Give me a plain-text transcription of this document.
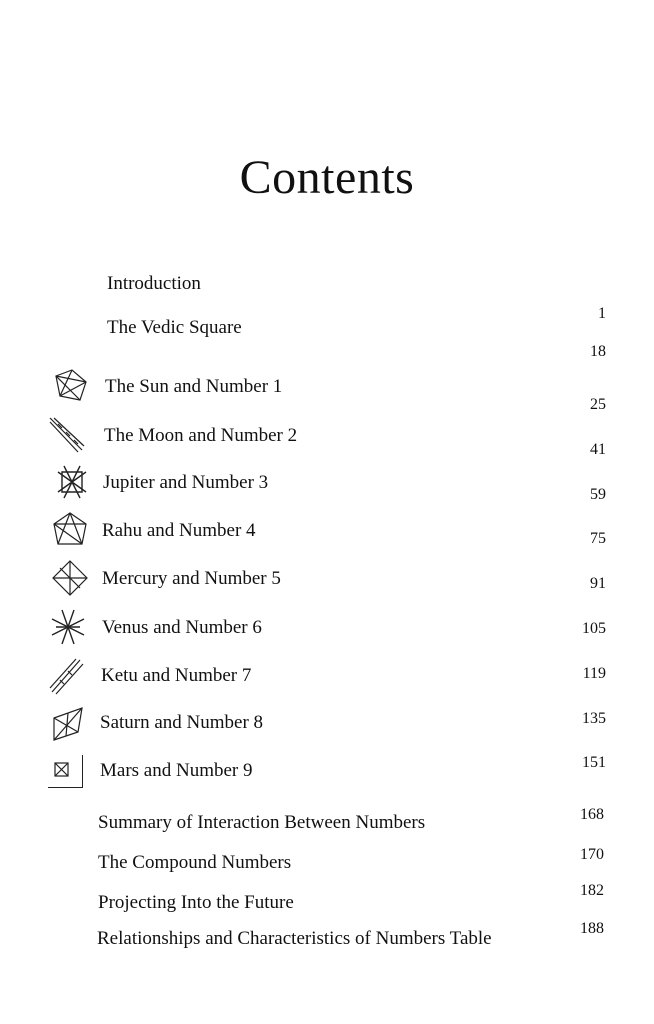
Contents
Introduction
The Vedic Square
The Sun and Number 1
The Moon and Number 2
Jupiter and Number 3
Rahu and Number 4
Mercury and Number 5
Venus and Number 6
Ketu and Number 7
Saturn and Number 8
Mars and Number 9
Summary of Interaction Between Numbers
The Compound Numbers
Projecting Into the Future
Relationships and Characteristics of Numbers Table
1
18
25
41
59
75
91
105
119
135
151
168
170
182
188
